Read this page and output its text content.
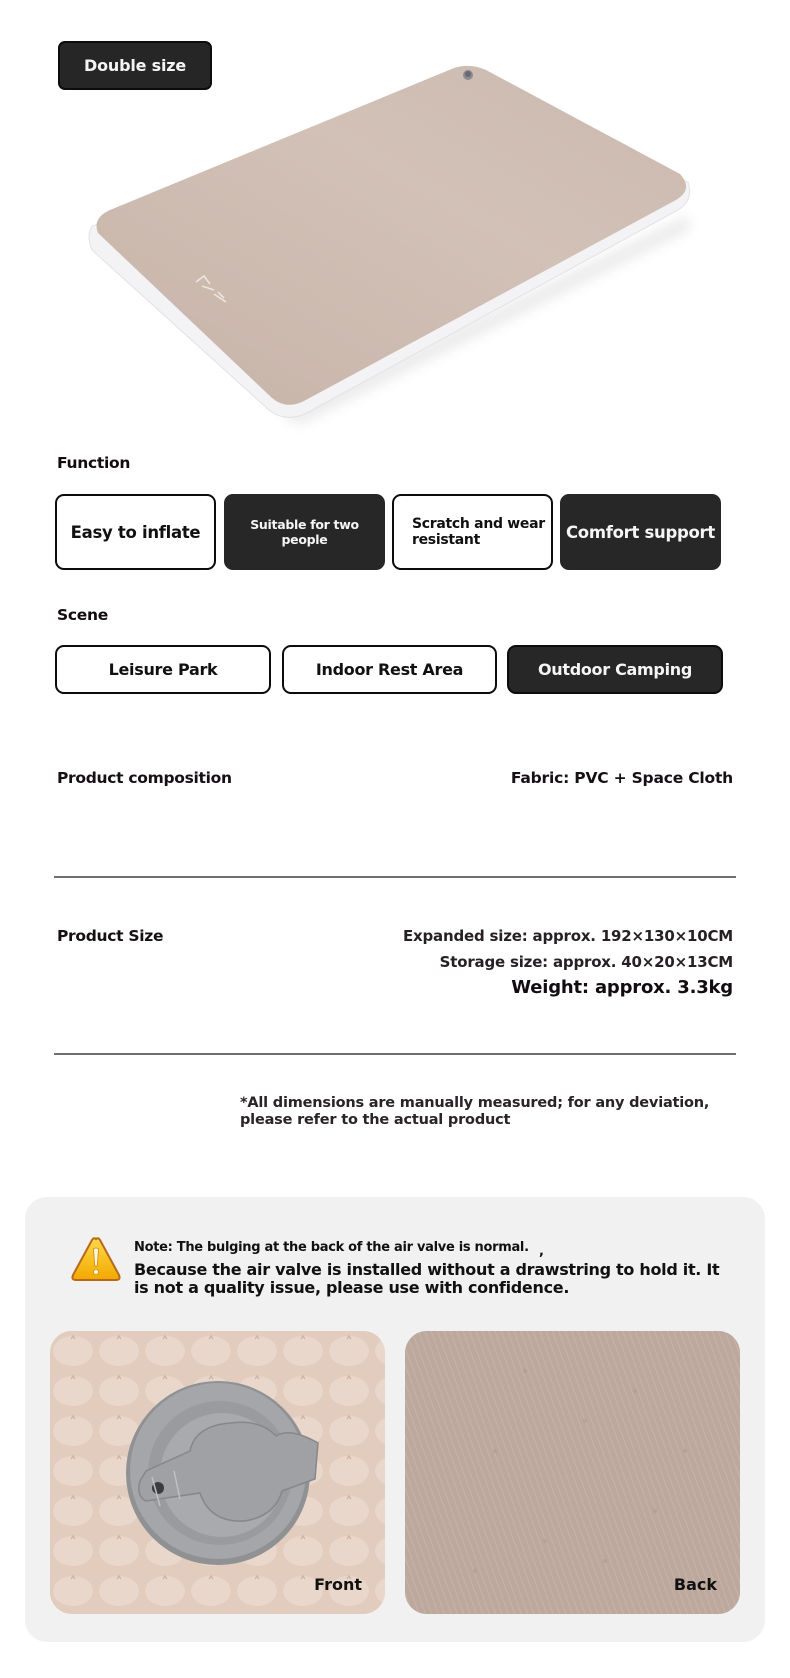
Double size
Function
Easy to inflate	Suitable for two people
Scratch and wear resistant	Comfort support
Scene
Leisure Park	Indoor Rest Area	Outdoor Camping
Product composition	Fabric: PVC + Space Cloth
Product Size	Expanded size: approx. 192×130×10CM
Storage size: approx. 40×20×13CM
Weight: approx. 3.3kg
*All dimensions are manually measured; for any deviation, please refer to the actual product
Note: The bulging at the back of the air valve is normal. ,
Because the air valve is installed without a drawstring to hold it. It is not a quality issue, please use with confidence.
Front	Back
